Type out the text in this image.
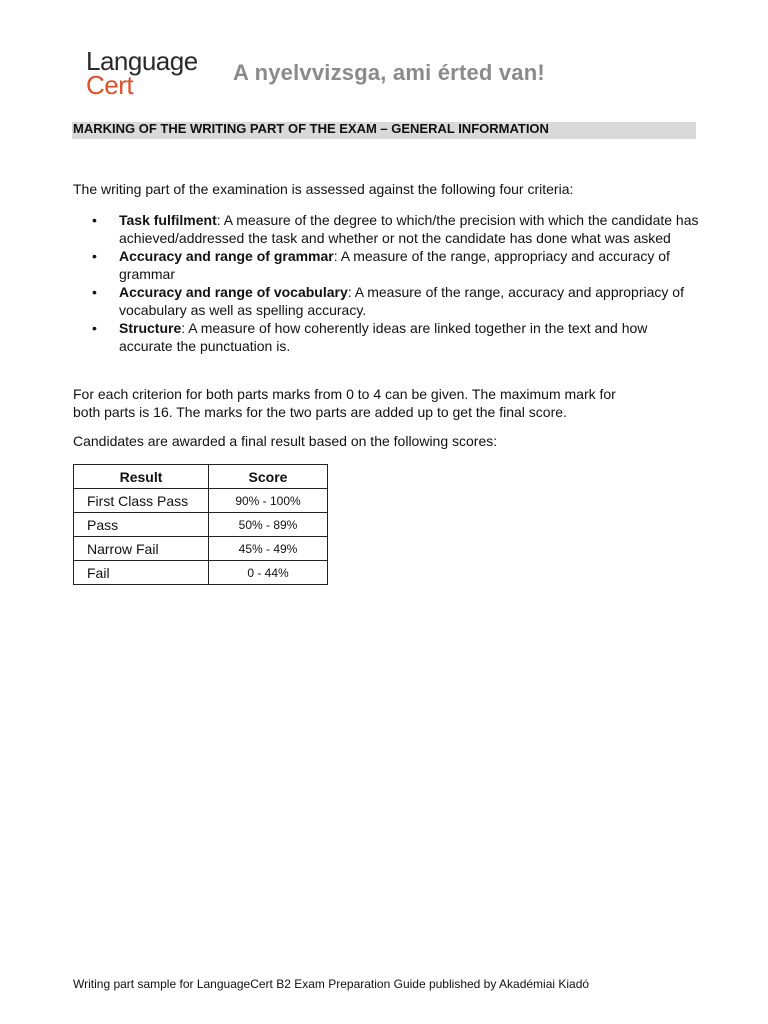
Language
Cert	A nyelvvizsga, ami érted van!
MARKING OF THE WRITING PART OF THE EXAM – GENERAL INFORMATION

The writing part of the examination is assessed against the following four criteria:

• Task fulfilment: A measure of the degree to which/the precision with which the candidate has achieved/addressed the task and whether or not the candidate has done what was asked
• Accuracy and range of grammar: A measure of the range, appropriacy and accuracy of grammar
• Accuracy and range of vocabulary: A measure of the range, accuracy and appropriacy of vocabulary as well as spelling accuracy.
• Structure: A measure of how coherently ideas are linked together in the text and how accurate the punctuation is.

For each criterion for both parts marks from 0 to 4 can be given. The maximum mark for both parts is 16. The marks for the two parts are added up to get the final score.

Candidates are awarded a final result based on the following scores:

Result	Score
First Class Pass	90% - 100%
Pass	50% - 89%
Narrow Fail	45% - 49%
Fail	0 - 44%
Writing part sample for LanguageCert B2 Exam Preparation Guide published by Akadémiai Kiadó
